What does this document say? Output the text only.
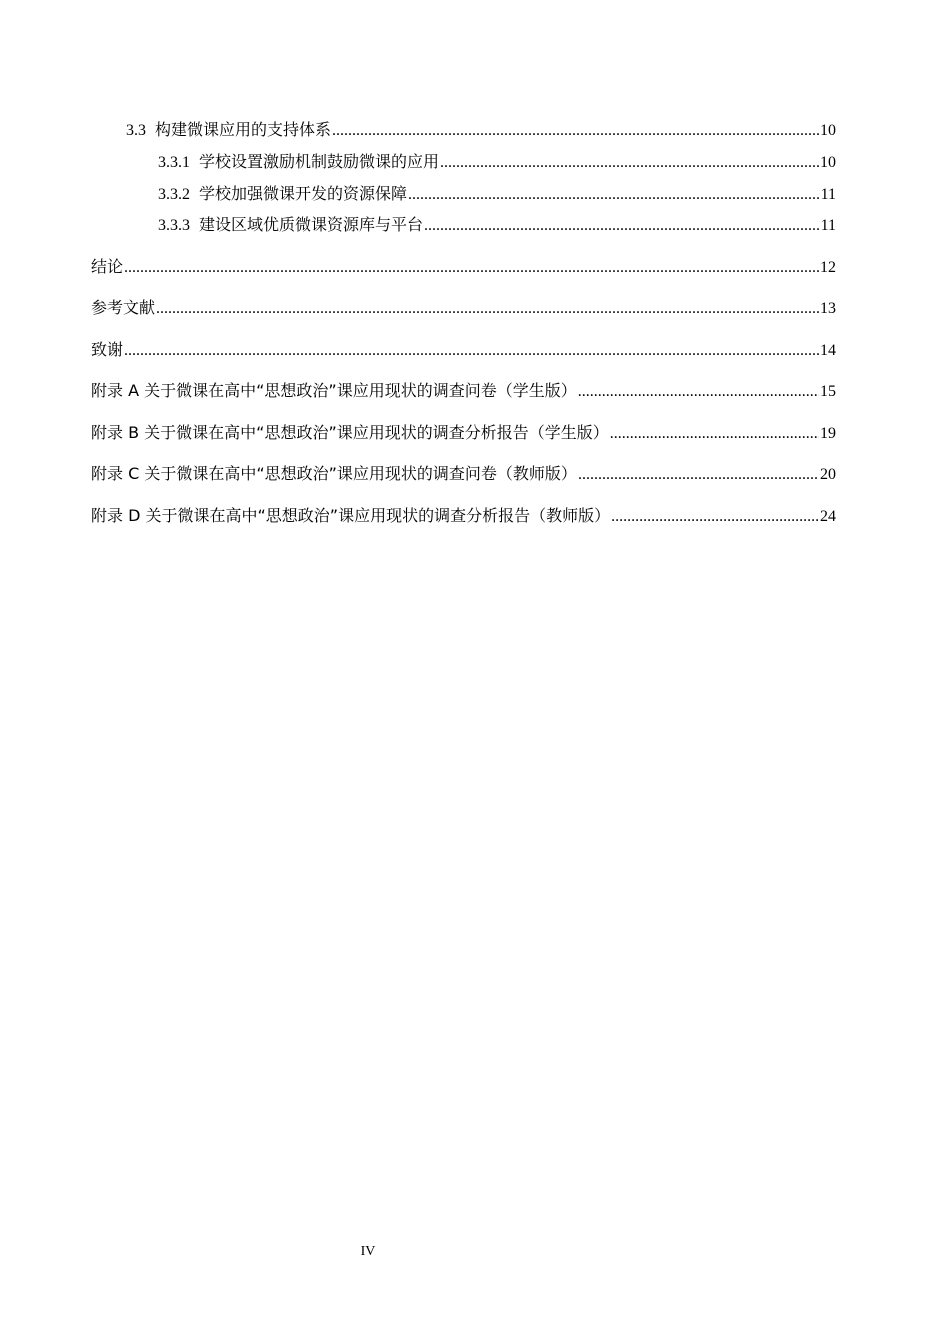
3.3 构建微课应用的支持体系 .....	10
3.3.1 学校设置激励机制鼓励微课的应用 .....	10
3.3.2 学校加强微课开发的资源保障 .....	11
3.3.3 建设区域优质微课资源库与平台 .....	11
结论 .....	12
参考文献 .....	13
致谢 .....	14
附录 A 关于微课在高中“思想政治”课应用现状的调查问卷（学生版） .....	15
附录 B 关于微课在高中“思想政治”课应用现状的调查分析报告（学生版） .....	19
附录 C 关于微课在高中“思想政治”课应用现状的调查问卷（教师版） .....	20
附录 D 关于微课在高中“思想政治”课应用现状的调查分析报告（教师版） .....	24
IV
